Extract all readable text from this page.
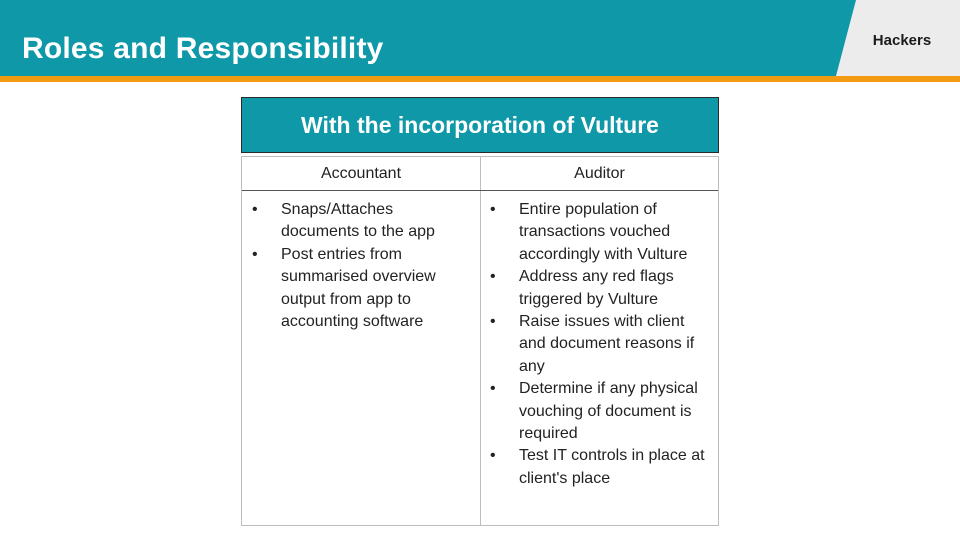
Hackers
Roles and Responsibility
With the incorporation of Vulture
Accountant	Auditor
• Snaps/Attaches documents to the app
• Post entries from summarised overview output from app to accounting software
• Entire population of transactions vouched accordingly with Vulture
• Address any red flags triggered by Vulture
• Raise issues with client and document reasons if any
• Determine if any physical vouching of document is required
• Test IT controls in place at client's place
